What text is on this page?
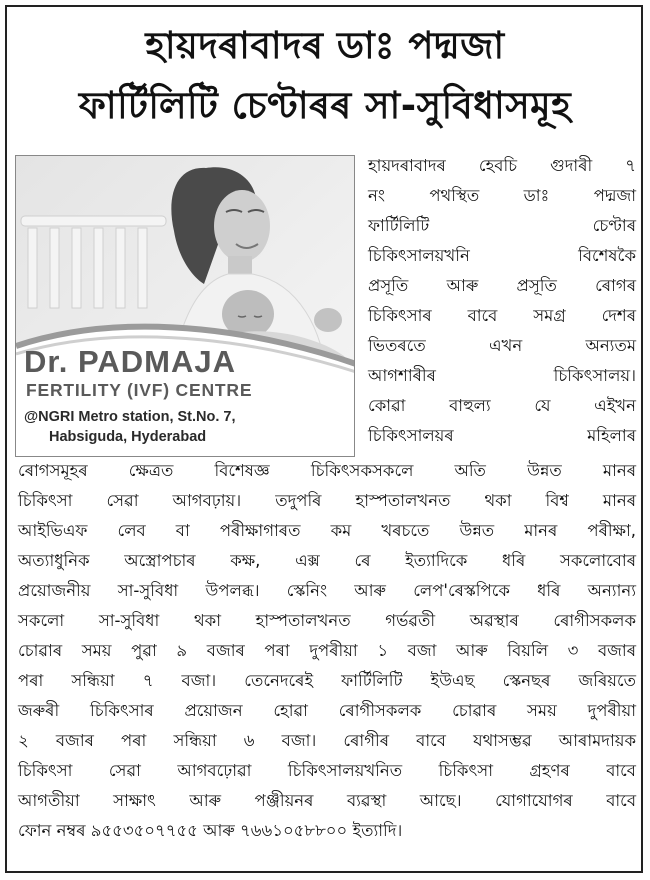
হায়দৰাবাদৰ ডাঃ পদ্মজা
ফাৰ্টিলিটি চেণ্টাৰৰ সা-সুবিধাসমূহ
Dr. PADMAJA
FERTILITY (IVF) CENTRE
@NGRI Metro station, St.No. 7,
Habsiguda, Hyderabad
হায়দৰাবাদৰ হেবচি গুদাৰী ৭
নং পথস্থিত ডাঃ পদ্মজা
ফাৰ্টিলিটি চেণ্টাৰ
চিকিৎসালয়খনি বিশেষকৈ
প্ৰসূতি আৰু প্ৰসূতি ৰোগৰ
চিকিৎসাৰ বাবে সমগ্ৰ দেশৰ
ভিতৰতে এখন অন্যতম
আগশাৰীৰ চিকিৎসালয়।
কোৱা বাহুল্য যে এইখন
চিকিৎসালয়ৰ মহিলাৰ
ৰোগসমূহৰ ক্ষেত্ৰত বিশেষজ্ঞ চিকিৎসকসকলে অতি উন্নত মানৰ
চিকিৎসা সেৱা আগবঢ়ায়। তদুপৰি হাস্পতালখনত থকা বিশ্ব মানৰ
আইভিএফ লেব বা পৰীক্ষাগাৰত কম খৰচতে উন্নত মানৰ পৰীক্ষা,
অত্যাধুনিক অস্ত্ৰোপচাৰ কক্ষ, এক্স ৰে ইত্যাদিকে ধৰি সকলোবোৰ
প্ৰয়োজনীয় সা-সুবিধা উপলব্ধ। স্কেনিং আৰু লেপ'ৰেস্কপিকে ধৰি অন্যান্য
সকলো সা-সুবিধা থকা হাস্পতালখনত গৰ্ভৱতী অৱস্থাৰ ৰোগীসকলক
চোৱাৰ সময় পুৱা ৯ বজাৰ পৰা দুপৰীয়া ১ বজা আৰু বিয়লি ৩ বজাৰ
পৰা সন্ধিয়া ৭ বজা। তেনেদৰেই ফাৰ্টিলিটি ইউএছ স্কেনছৰ জৰিয়তে
জৰুৰী চিকিৎসাৰ প্ৰয়োজন হোৱা ৰোগীসকলক চোৱাৰ সময় দুপৰীয়া
২ বজাৰ পৰা সন্ধিয়া ৬ বজা। ৰোগীৰ বাবে যথাসম্ভৱ আৰামদায়ক
চিকিৎসা সেৱা আগবঢ়োৱা চিকিৎসালয়খনিত চিকিৎসা গ্ৰহণৰ বাবে
আগতীয়া সাক্ষাৎ আৰু পঞ্জীয়নৰ ব্যৱস্থা আছে। যোগাযোগৰ বাবে
ফোন নম্বৰ ৯৫৫৩৫০৭৭৫৫ আৰু ৭৬৬১০৫৮৮০০ ইত্যাদি।
